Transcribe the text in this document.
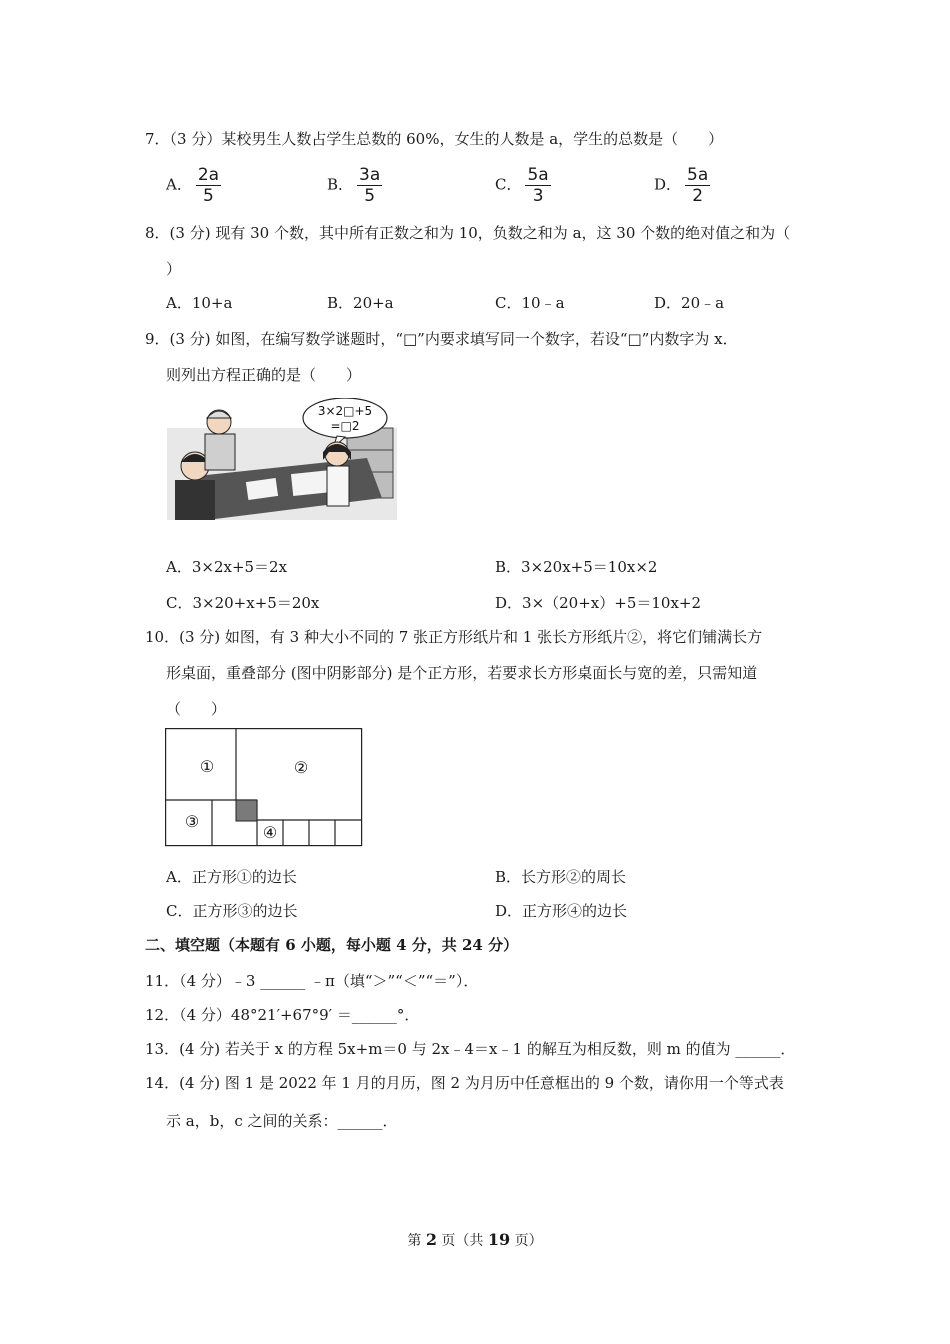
7．（3 分）某校男生人数占学生总数的 60%，女生的人数是 a，学生的总数是（　　）
A． $\frac{2a}{5}$	B． $\frac{3a}{5}$	C． $\frac{5a}{3}$	D． $\frac{5a}{2}$
8．(3 分) 现有 30 个数，其中所有正数之和为 10，负数之和为 a，这 30 个数的绝对值之和为（
）
A．10+a	B．20+a	C．10﹣a	D．20﹣a
9．(3 分) 如图，在编写数学谜题时，“□”内要求填写同一个数字，若设“□”内数字为 x．
则列出方程正确的是（　　）
3×2□+5
=□2
A．3×2x+5＝2x	B．3×20x+5＝10x×2
C．3×20+x+5＝20x	D．3×（20+x）+5＝10x+2
10．(3 分) 如图，有 3 种大小不同的 7 张正方形纸片和 1 张长方形纸片②，将它们铺满长方
形桌面，重叠部分 (图中阴影部分) 是个正方形，若要求长方形桌面长与宽的差，只需知道
（　　）
①	②
③
④
A．正方形①的边长	B．长方形②的周长
C．正方形③的边长	D．正方形④的边长
二、填空题（本题有 6 小题，每小题 4 分，共 24 分）
11．（4 分）﹣3 ______ ﹣π（填“＞”“＜”“＝”）．
12．（4 分）48°21′+67°9′ ＝______°．
13．(4 分) 若关于 x 的方程 5x+m＝0 与 2x﹣4＝x﹣1 的解互为相反数，则 m 的值为 ______．
14．(4 分) 图 1 是 2022 年 1 月的月历，图 2 为月历中任意框出的 9 个数，请你用一个等式表
示 a，b，c 之间的关系：______．
第 2 页（共 19 页）
